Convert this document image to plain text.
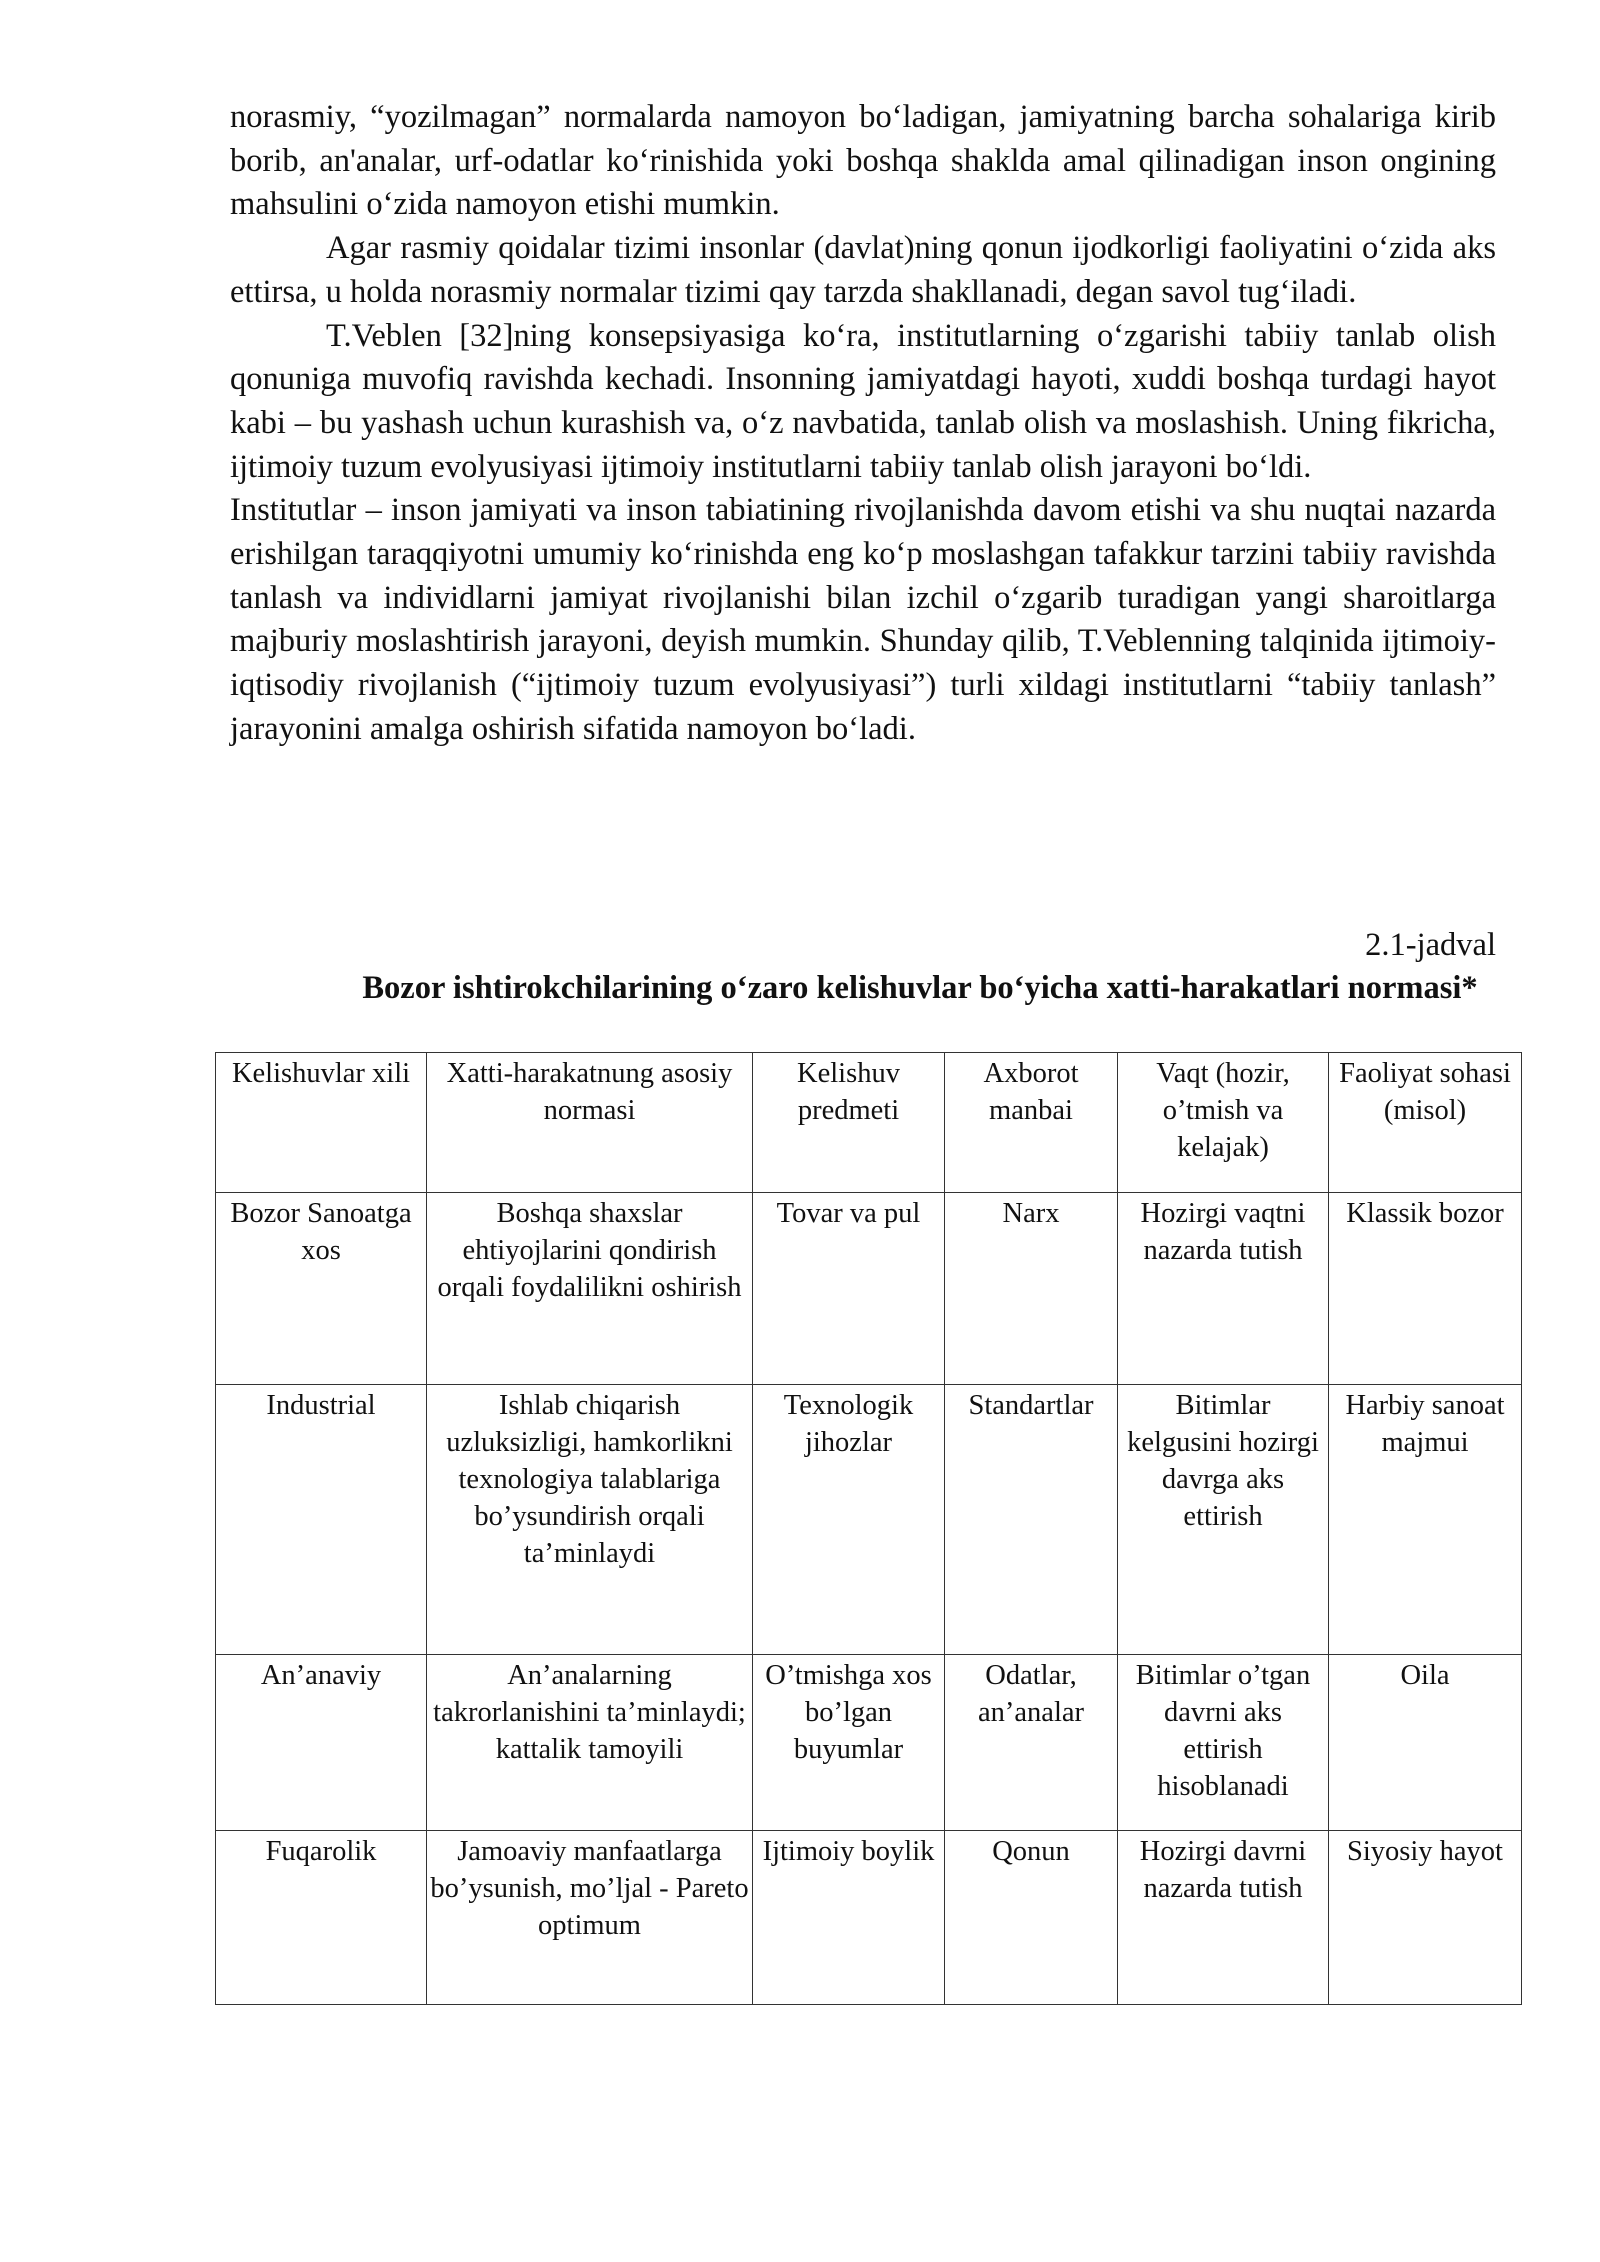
norasmiy, “yozilmagan” normalarda namoyon boʻladigan, jamiyatning barcha sohalariga kirib borib, an'analar, urf-odatlar koʻrinishida yoki boshqa shaklda amal qilinadigan inson ongining mahsulini oʻzida namoyon etishi mumkin.

Agar rasmiy qoidalar tizimi insonlar (davlat)ning qonun ijodkorligi faoliyatini oʻzida aks ettirsa, u holda norasmiy normalar tizimi qay tarzda shakllanadi, degan savol tugʻiladi.

T.Veblen [32]ning konsepsiyasiga koʻra, institutlarning oʻzgarishi tabiiy tanlab olish qonuniga muvofiq ravishda kechadi. Insonning jamiyatdagi hayoti, xuddi boshqa turdagi hayot kabi – bu yashash uchun kurashish va, oʻz navbatida, tanlab olish va moslashish. Uning fikricha, ijtimoiy tuzum evolyusiyasi ijtimoiy institutlarni tabiiy tanlab olish jarayoni boʻldi.

Institutlar – inson jamiyati va inson tabiatining rivojlanishda davom etishi va shu nuqtai nazarda erishilgan taraqqiyotni umumiy koʻrinishda eng koʻp moslashgan tafakkur tarzini tabiiy ravishda tanlash va individlarni jamiyat rivojlanishi bilan izchil oʻzgarib turadigan yangi sharoitlarga majburiy moslashtirish jarayoni, deyish mumkin. Shunday qilib, T.Veblenning talqinida ijtimoiy-iqtisodiy rivojlanish (“ijtimoiy tuzum evolyusiyasi”) turli xildagi institutlarni “tabiiy tanlash” jarayonini amalga oshirish sifatida namoyon boʻladi.

2.1-jadval
Bozor ishtirokchilarining oʻzaro kelishuvlar boʻyicha xatti-harakatlari normasi*
Kelishuvlar xili	Xatti-harakatnung asosiy normasi	Kelishuv predmeti	Axborot manbai	Vaqt (hozir, o’tmish va kelajak)	Faoliyat sohasi (misol)
Bozor Sanoatga xos	Boshqa shaxslar ehtiyojlarini qondirish orqali foydalilikni oshirish	Tovar va pul	Narx	Hozirgi vaqtni nazarda tutish	Klassik bozor
Industrial	Ishlab chiqarish uzluksizligi, hamkorlikni texnologiya talablariga bo’ysundirish orqali ta’minlaydi	Texnologik jihozlar	Standartlar	Bitimlar kelgusini hozirgi davrga aks ettirish	Harbiy sanoat majmui
An’anaviy	An’analarning takrorlanishini ta’minlaydi; kattalik tamoyili	O’tmishga xos bo’lgan buyumlar	Odatlar, an’analar	Bitimlar o’tgan davrni aks ettirish hisoblanadi	Oila
Fuqarolik	Jamoaviy manfaatlarga bo’ysunish, mo’ljal - Pareto optimum	Ijtimoiy boylik	Qonun	Hozirgi davrni nazarda tutish	Siyosiy hayot
